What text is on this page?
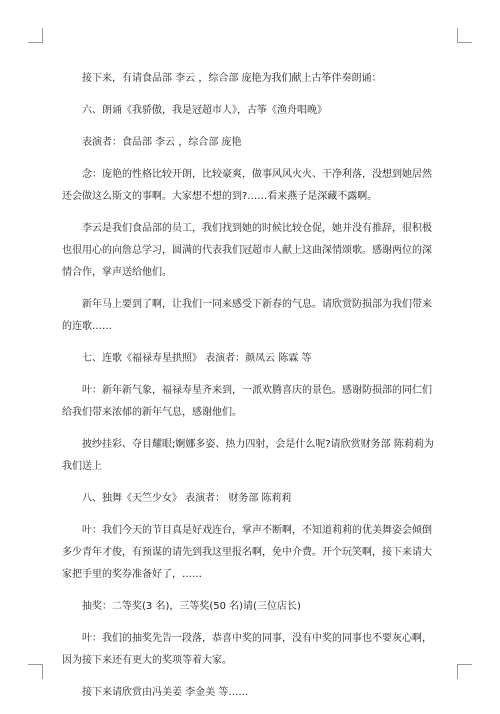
接下来，有请食品部 李云 ，综合部 庞艳为我们献上古筝伴奏朗诵：

六、朗诵《我骄傲，我是冠超市人》，古筝《渔舟唱晚》

表演者：食品部 李云 ，综合部 庞艳

念：庞艳的性格比较开朗，比较豪爽，做事风风火火、干净利落，没想到她居然还会做这么斯文的事啊。大家想不想的到?……看来燕子是深藏不露啊。

李云是我们食品部的员工，我们找到她的时候比较仓促，她并没有推辞，很积极也很用心的向詹总学习，圆满的代表我们冠超市人献上这曲深情颂歌。感谢两位的深情合作，掌声送给他们。

新年马上要到了啊，让我们一同来感受下新春的气息。请欣赏防损部为我们带来的连歌……

七、连歌《福禄寿星拱照》 表演者：颜凤云 陈霖 等

叶：新年新气象，福禄寿星齐来到，一派欢腾喜庆的景色。感谢防损部的同仁们给我们带来浓郁的新年气息，感谢他们。

披纱挂彩、夺目耀眼;婀娜多姿、热力四射，会是什么呢?请欣赏财务部 陈莉莉为我们送上

八、独舞《天竺少女》 表演者： 财务部 陈莉莉

叶：我们今天的节目真是好戏连台，掌声不断啊，不知道莉莉的优美舞姿会倾倒多少青年才俊，有预谋的请先到我这里报名啊，免中介费。开个玩笑啊，接下来请大家把手里的奖券准备好了，……

抽奖：二等奖(3 名)，三等奖(50 名)请(三位店长)

叶：我们的抽奖先告一段落，恭喜中奖的同事，没有中奖的同事也不要灰心啊，因为接下来还有更大的奖项等着大家。

接下来请欣赏由冯美姜 李金美 等……
